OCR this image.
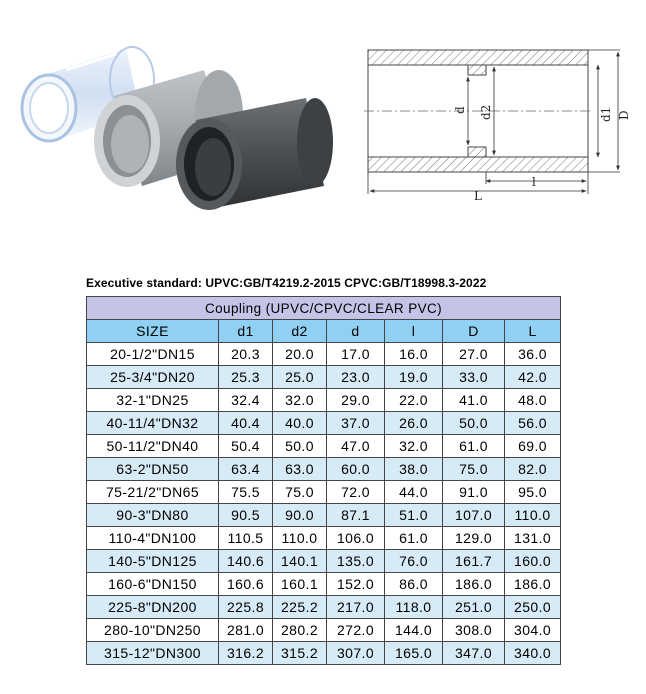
d d2	d1 D
l
L
Executive standard: UPVC:GB/T4219.2-2015 CPVC:GB/T18998.3-2022
Coupling (UPVC/CPVC/CLEAR PVC)						
SIZE	d1	d2	d	l	D	L
20-1/2"DN15	20.3	20.0	17.0	16.0	27.0	36.0
25-3/4"DN20	25.3	25.0	23.0	19.0	33.0	42.0
32-1"DN25	32.4	32.0	29.0	22.0	41.0	48.0
40-11/4"DN32	40.4	40.0	37.0	26.0	50.0	56.0
50-11/2"DN40	50.4	50.0	47.0	32.0	61.0	69.0
63-2"DN50	63.4	63.0	60.0	38.0	75.0	82.0
75-21/2"DN65	75.5	75.0	72.0	44.0	91.0	95.0
90-3"DN80	90.5	90.0	87.1	51.0	107.0	110.0
110-4"DN100	110.5	110.0	106.0	61.0	129.0	131.0
140-5"DN125	140.6	140.1	135.0	76.0	161.7	160.0
160-6"DN150	160.6	160.1	152.0	86.0	186.0	186.0
225-8"DN200	225.8	225.2	217.0	118.0	251.0	250.0
280-10"DN250	281.0	280.2	272.0	144.0	308.0	304.0
315-12"DN300	316.2	315.2	307.0	165.0	347.0	340.0
